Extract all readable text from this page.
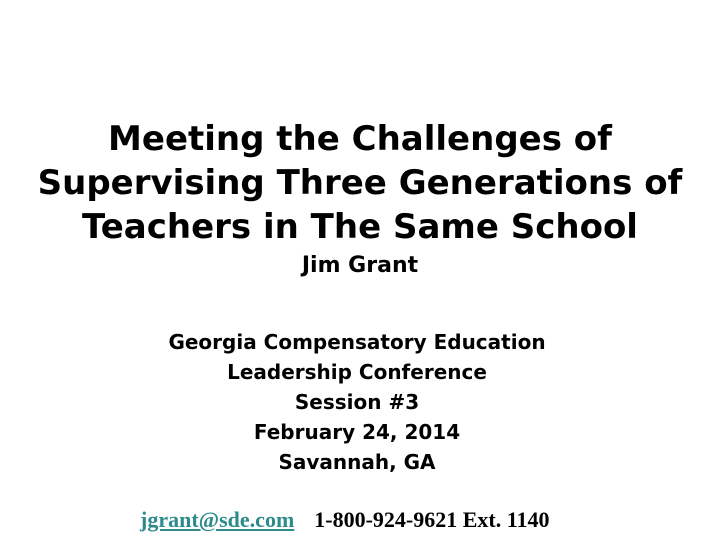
Meeting the Challenges of
Supervising Three Generations of
Teachers in The Same School
Jim Grant
Georgia Compensatory Education
Leadership Conference
Session #3
February 24, 2014
Savannah, GA
jgrant@sde.com 1-800-924-9621 Ext. 1140
